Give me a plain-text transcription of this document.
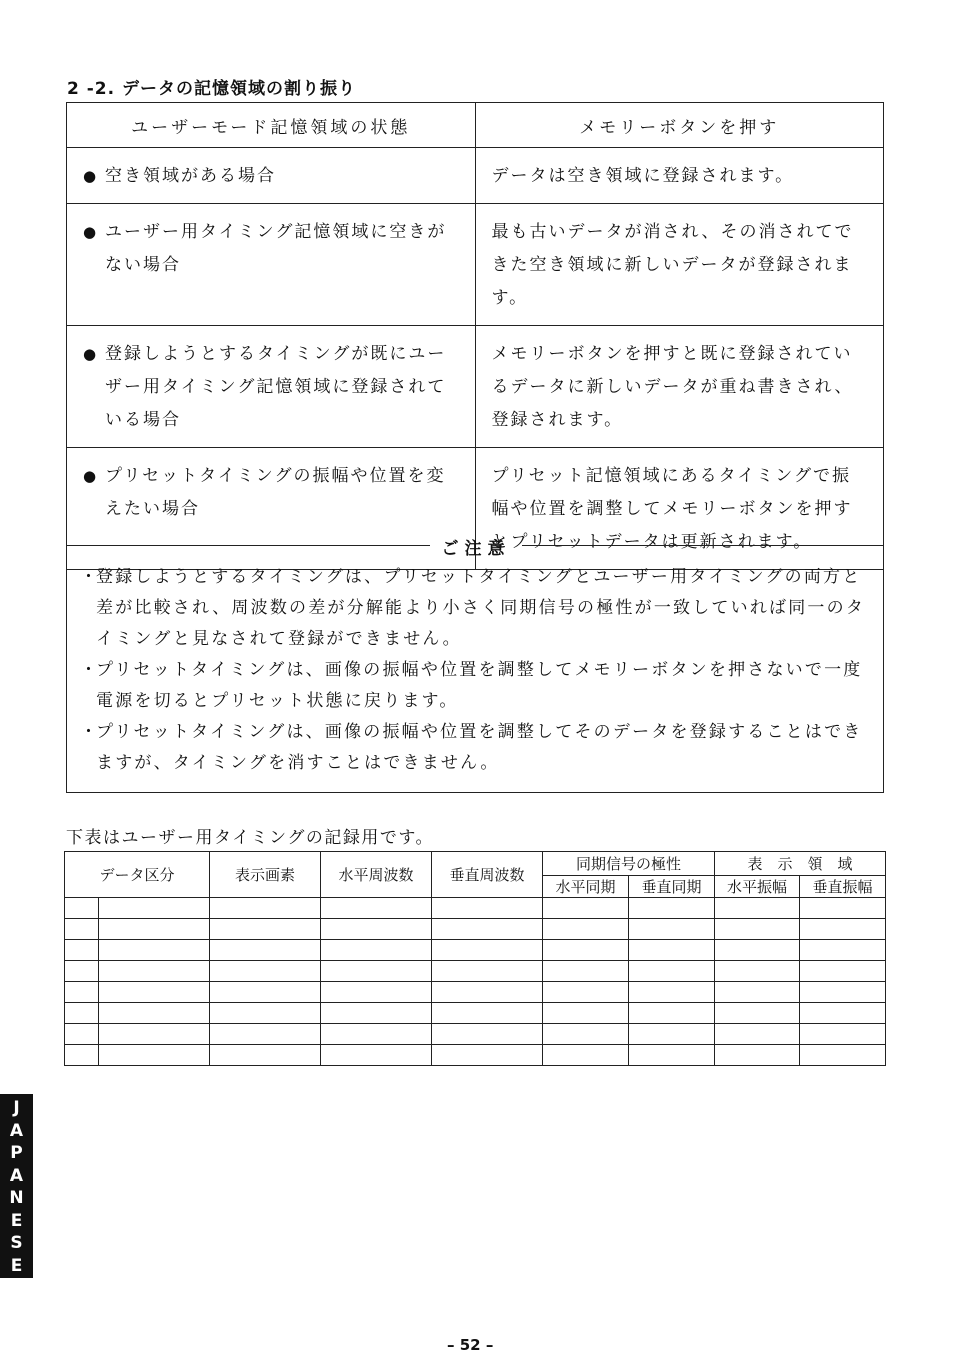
2 -2. データの記憶領域の割り振り
ユーザーモード記憶領域の状態	メモリーボタンを押す

● 空き領域がある場合	データは空き領域に登録されます。

● ユーザー用タイミング記憶領域に空きがない場合	最も古いデータが消され、その消されてできた空き領域に新しいデータが登録されます。

● 登録しようとするタイミングが既にユーザー用タイミング記憶領域に登録されている場合	メモリーボタンを押すと既に登録されているデータに新しいデータが重ね書きされ、登録されます。

● プリセットタイミングの振幅や位置を変えたい場合	プリセット記憶領域にあるタイミングで振幅や位置を調整してメモリーボタンを押すとプリセットデータは更新されます。
ご注意
・
登録しようとするタイミングは、プリセットタイミングとユーザー用タイミングの両方と差が比較され、周波数の差が分解能より小さく同期信号の極性が一致していれば同一のタイミングと見なされて登録ができません。
・
プリセットタイミングは、画像の振幅や位置を調整してメモリーボタンを押さないで一度電源を切るとプリセット状態に戻ります。
・
プリセットタイミングは、画像の振幅や位置を調整してそのデータを登録することはできますが、タイミングを消すことはできません。
下表はユーザー用タイミングの記録用です。
データ区分		表示画素	水平周波数	垂直周波数	同期信号の極性		表　示　領　域	
					水平同期	垂直同期	水平振幅	垂直振幅

J
A
P
A
N
E
S
E
– 52 –
